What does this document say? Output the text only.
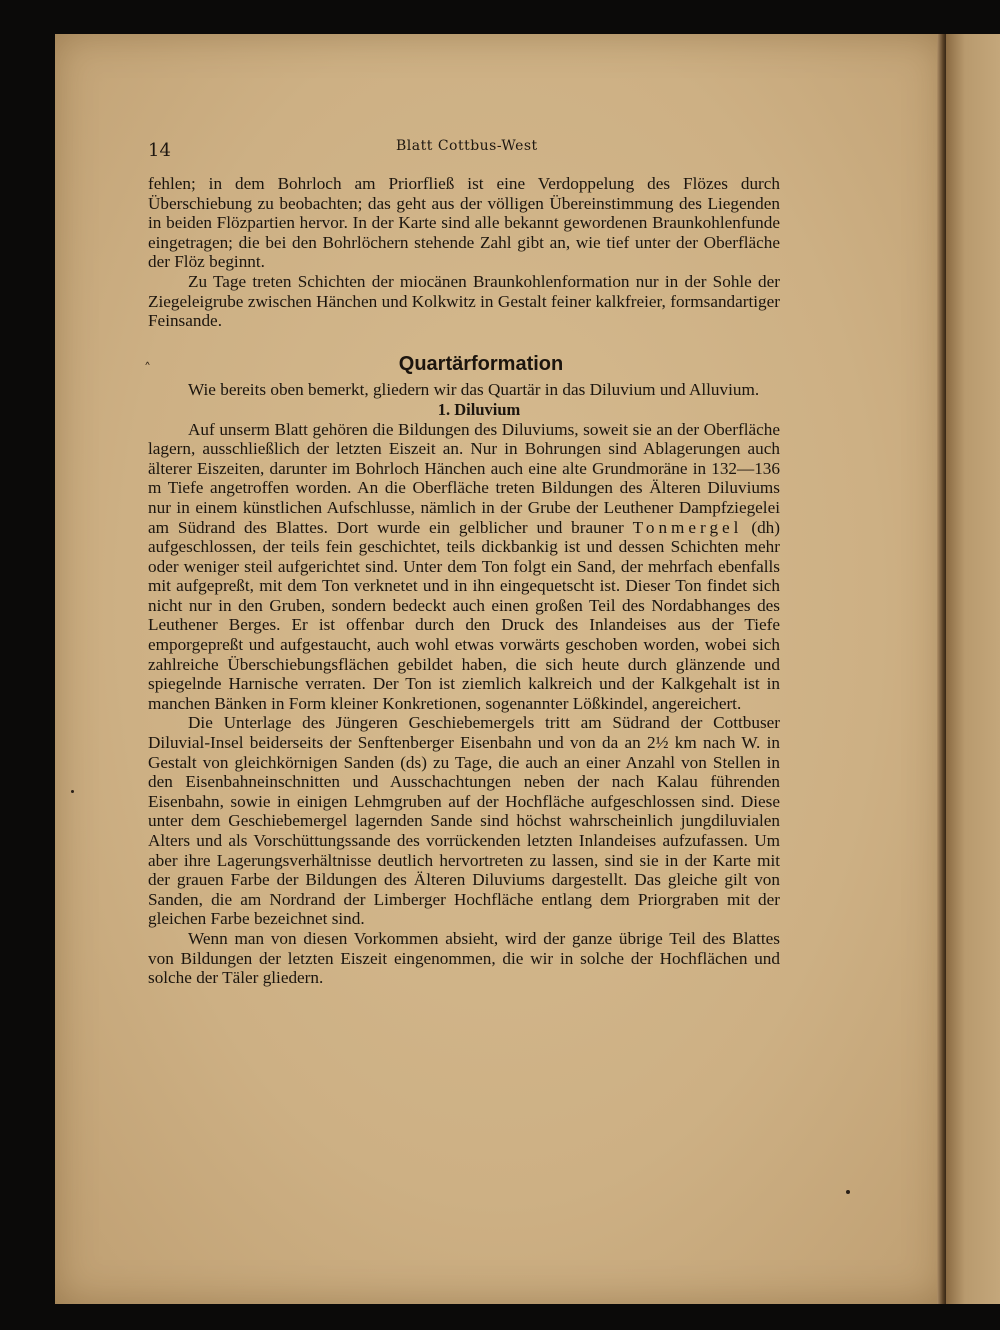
14	Blatt Cottbus-West
˄

fehlen; in dem Bohrloch am Priorfließ ist eine Verdoppelung des Flözes durch Überschiebung zu beobachten; das geht aus der völligen Übereinstimmung des Liegenden in beiden Flözpartien hervor. In der Karte sind alle bekannt gewordenen Braunkohlenfunde eingetragen; die bei den Bohrlöchern stehende Zahl gibt an, wie tief unter der Oberfläche der Flöz beginnt.

Zu Tage treten Schichten der miocänen Braunkohlenformation nur in der Sohle der Ziegeleigrube zwischen Hänchen und Kolkwitz in Gestalt feiner kalkfreier, formsandartiger Feinsande.

Quartärformation

Wie bereits oben bemerkt, gliedern wir das Quartär in das Diluvium und Alluvium.

1. Diluvium

Auf unserm Blatt gehören die Bildungen des Diluviums, soweit sie an der Oberfläche lagern, ausschließlich der letzten Eiszeit an. Nur in Bohrungen sind Ablagerungen auch älterer Eiszeiten, darunter im Bohrloch Hänchen auch eine alte Grundmoräne in 132—136 m Tiefe angetroffen worden. An die Oberfläche treten Bildungen des Älteren Diluviums nur in einem künstlichen Aufschlusse, nämlich in der Grube der Leuthener Dampfziegelei am Südrand des Blattes. Dort wurde ein gelblicher und brauner Tonmergel (dh) aufgeschlossen, der teils fein geschichtet, teils dickbankig ist und dessen Schichten mehr oder weniger steil aufgerichtet sind. Unter dem Ton folgt ein Sand, der mehrfach ebenfalls mit aufgepreßt, mit dem Ton verknetet und in ihn eingequetscht ist. Dieser Ton findet sich nicht nur in den Gruben, sondern bedeckt auch einen großen Teil des Nordabhanges des Leuthener Berges. Er ist offenbar durch den Druck des Inlandeises aus der Tiefe emporgepreßt und aufgestaucht, auch wohl etwas vorwärts geschoben worden, wobei sich zahlreiche Überschiebungsflächen gebildet haben, die sich heute durch glänzende und spiegelnde Harnische verraten. Der Ton ist ziemlich kalkreich und der Kalkgehalt ist in manchen Bänken in Form kleiner Konkretionen, sogenannter Lößkindel, angereichert.

Die Unterlage des Jüngeren Geschiebemergels tritt am Südrand der Cottbuser Diluvial-Insel beiderseits der Senftenberger Eisenbahn und von da an 2½ km nach W. in Gestalt von gleichkörnigen Sanden (ds) zu Tage, die auch an einer Anzahl von Stellen in den Eisenbahneinschnitten und Ausschachtungen neben der nach Kalau führenden Eisenbahn, sowie in einigen Lehmgruben auf der Hochfläche aufgeschlossen sind. Diese unter dem Geschiebemergel lagernden Sande sind höchst wahrscheinlich jungdiluvialen Alters und als Vorschüttungssande des vorrückenden letzten Inlandeises aufzufassen. Um aber ihre Lagerungsverhältnisse deutlich hervortreten zu lassen, sind sie in der Karte mit der grauen Farbe der Bildungen des Älteren Diluviums dargestellt. Das gleiche gilt von Sanden, die am Nordrand der Limberger Hochfläche entlang dem Priorgraben mit der gleichen Farbe bezeichnet sind.

Wenn man von diesen Vorkommen absieht, wird der ganze übrige Teil des Blattes von Bildungen der letzten Eiszeit eingenommen, die wir in solche der Hochflächen und solche der Täler gliedern.
